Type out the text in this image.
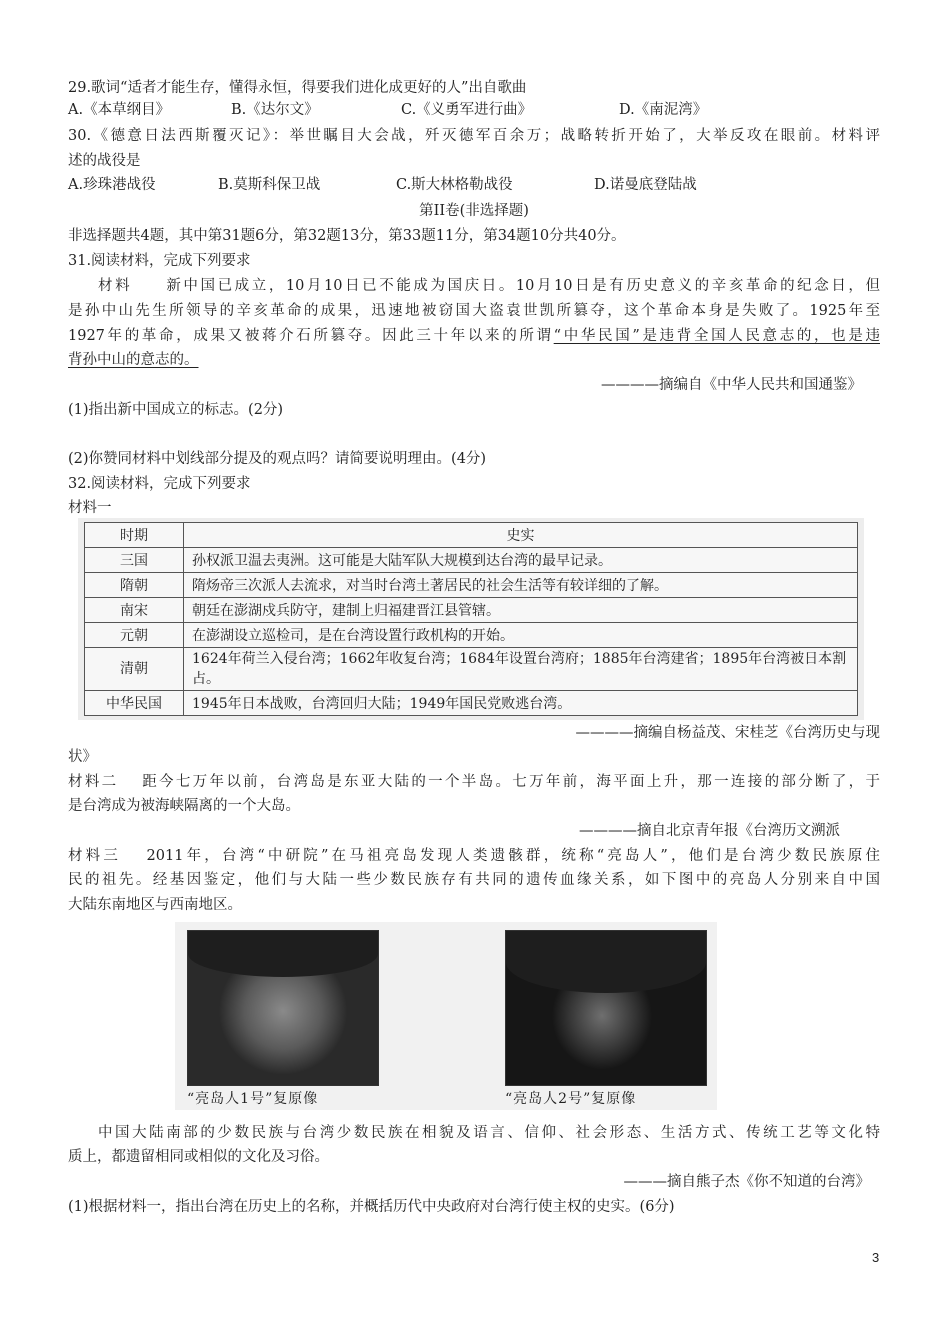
29.歌词“适者才能生存，懂得永恒，得要我们进化成更好的人”出自歌曲
A.《本草纲目》	B.《达尔文》	C.《义勇军进行曲》	D.《南泥湾》
30.《德意日法西斯覆灭记》：举世瞩目大会战，歼灭德军百余万；战略转折开始了，大举反攻在眼前。材料评
述的战役是
A.珍珠港战役	B.莫斯科保卫战	C.斯大林格勒战役	D.诺曼底登陆战
第II卷(非选择题)
非选择题共4题，其中第31题6分，第32题13分，第33题11分，第34题10分共40分。
31.阅读材料，完成下列要求
材料　　新中国已成立，10月10日已不能成为国庆日。10月10日是有历史意义的辛亥革命的纪念日，但
是孙中山先生所领导的辛亥革命的成果，迅速地被窃国大盗袁世凯所篡夺，这个革命本身是失败了。1925年至
1927年的革命，成果又被蒋介石所篡夺。因此三十年以来的所谓“中华民国”是违背全国人民意志的，也是违
背孙中山的意志的。
————摘编自《中华人民共和国通鉴》
(1)指出新中国成立的标志。(2分)
(2)你赞同材料中划线部分提及的观点吗？请简要说明理由。(4分)
32.阅读材料，完成下列要求
材料一
时期	史实
三国	孙权派卫温去夷洲。这可能是大陆军队大规模到达台湾的最早记录。
隋朝	隋炀帝三次派人去流求，对当时台湾土著居民的社会生活等有较详细的了解。
南宋	朝廷在澎湖戍兵防守，建制上归福建晋江县管辖。
元朝	在澎湖设立巡检司，是在台湾设置行政机构的开始。
清朝	1624年荷兰入侵台湾；1662年收复台湾；1684年设置台湾府；1885年台湾建省；1895年台湾被日本割占。
中华民国	1945年日本战败，台湾回归大陆；1949年国民党败逃台湾。
————摘编自杨益茂、宋桂芝《台湾历史与现
状》
材料二　 距今七万年以前，台湾岛是东亚大陆的一个半岛。七万年前，海平面上升，那一连接的部分断了，于
是台湾成为被海峡隔离的一个大岛。
————摘自北京青年报《台湾历文溯派
材料三　 2011年，台湾“中研院”在马祖亮岛发现人类遗骸群，统称“亮岛人”，他们是台湾少数民族原住
民的祖先。经基因鉴定，他们与大陆一些少数民族存有共同的遗传血缘关系，如下图中的亮岛人分别来自中国
大陆东南地区与西南地区。
“亮岛人1号”复原像	“亮岛人2号”复原像
中国大陆南部的少数民族与台湾少数民族在相貌及语言、信仰、社会形态、生活方式、传统工艺等文化特
质上，都遗留相同或相似的文化及习俗。
———摘自熊子杰《你不知道的台湾》
(1)根据材料一，指出台湾在历史上的名称，并概括历代中央政府对台湾行使主权的史实。(6分)
3
